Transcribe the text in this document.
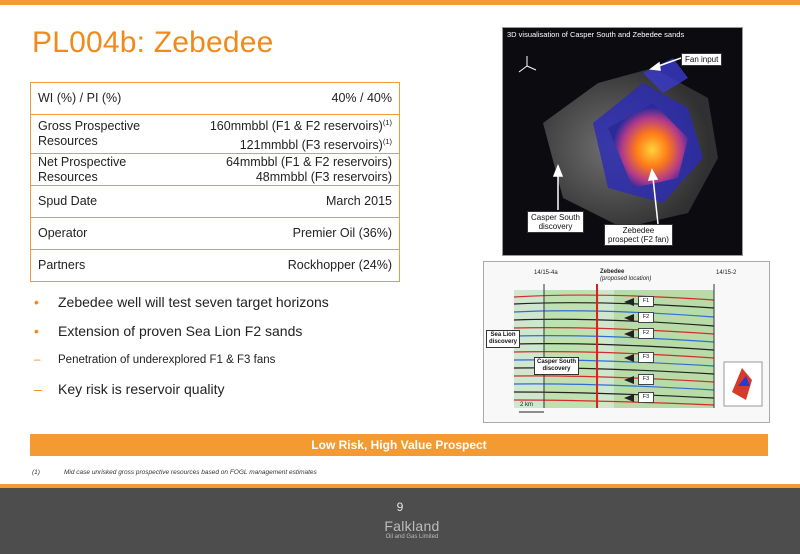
PL004b: Zebedee
WI (%) / PI (%)	40% / 40%
Gross Prospective
Resources	160mmbbl (F1 & F2 reservoirs)$^{(1)}$
121mmbbl (F3 reservoirs)$^{(1)}$
Net Prospective
Resources	64mmbbl (F1 & F2 reservoirs)
48mmbbl (F3 reservoirs)
Spud Date	March 2015
Operator	Premier Oil (36%)
Partners	Rockhopper (24%)
• Zebedee well will test seven target horizons
• Extension of proven Sea Lion F2 sands
– Penetration of underexplored F1 & F3 fans
– Key risk is reservoir quality
3D visualisation of Casper South and Zebedee sands
Fan input
Casper South
discovery	Zebedee
prospect (F2 fan)
14/15-4a	Zebedee
(proposed location)
14/15-2
Sea Lion
discovery
Casper South
discovery
2 km
F1
F2
F2
F3
F3
F3
Low Risk, High Value Prospect
(1)	Mid case unrisked gross prospective resources based on FOGL management estimates
9
Falkland
Oil and Gas Limited
